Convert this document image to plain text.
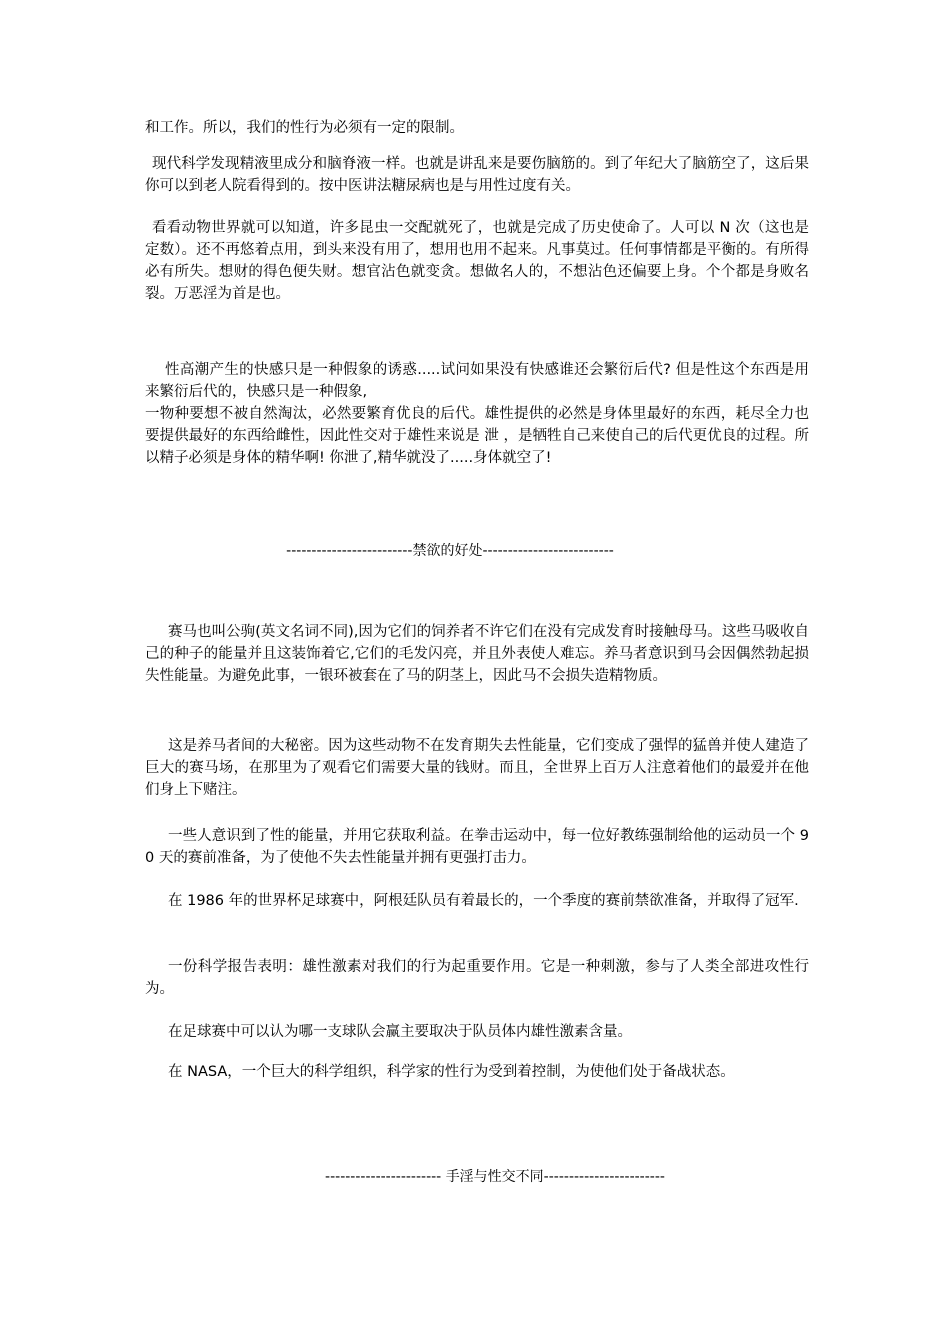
和工作。所以，我们的性行为必须有一定的限制。

现代科学发现精液里成分和脑脊液一样。也就是讲乱来是要伤脑筋的。到了年纪大了脑筋空了，这后果你可以到老人院看得到的。按中医讲法糖尿病也是与用性过度有关。

看看动物世界就可以知道，许多昆虫一交配就死了，也就是完成了历史使命了。人可以 N 次（这也是定数）。还不再悠着点用，到头来没有用了，想用也用不起来。凡事莫过。任何事情都是平衡的。有所得必有所失。想财的得色便失财。想官沾色就变贪。想做名人的，不想沾色还偏要上身。个个都是身败名裂。万恶淫为首是也。

性高潮产生的快感只是一种假象的诱惑.....试问如果没有快感谁还会繁衍后代? 但是性这个东西是用来繁衍后代的，快感只是一种假象,

一物种要想不被自然淘汰，必然要繁育优良的后代。雄性提供的必然是身体里最好的东西，耗尽全力也要提供最好的东西给雌性，因此性交对于雄性来说是 泄 ，是牺牲自己来使自己的后代更优良的过程。所以精子必须是身体的精华啊! 你泄了,精华就没了.....身体就空了!

-------------------------禁欲的好处--------------------------

赛马也叫公驹(英文名词不同),因为它们的饲养者不许它们在没有完成发育时接触母马。这些马吸收自己的种子的能量并且这装饰着它,它们的毛发闪亮，并且外表使人难忘。养马者意识到马会因偶然勃起损失性能量。为避免此事，一银环被套在了马的阴茎上，因此马不会损失造精物质。

这是养马者间的大秘密。因为这些动物不在发育期失去性能量，它们变成了强悍的猛兽并使人建造了巨大的赛马场，在那里为了观看它们需要大量的钱财。而且，全世界上百万人注意着他们的最爱并在他们身上下赌注。

一些人意识到了性的能量，并用它获取利益。在拳击运动中，每一位好教练强制给他的运动员一个 90 天的赛前准备，为了使他不失去性能量并拥有更强打击力。

在 1986 年的世界杯足球赛中，阿根廷队员有着最长的，一个季度的赛前禁欲准备，并取得了冠军.

一份科学报告表明：雄性激素对我们的行为起重要作用。它是一种刺激，参与了人类全部进攻性行为。

在足球赛中可以认为哪一支球队会赢主要取决于队员体内雄性激素含量。

在 NASA，一个巨大的科学组织，科学家的性行为受到着控制，为使他们处于备战状态。

----------------------- 手淫与性交不同------------------------
